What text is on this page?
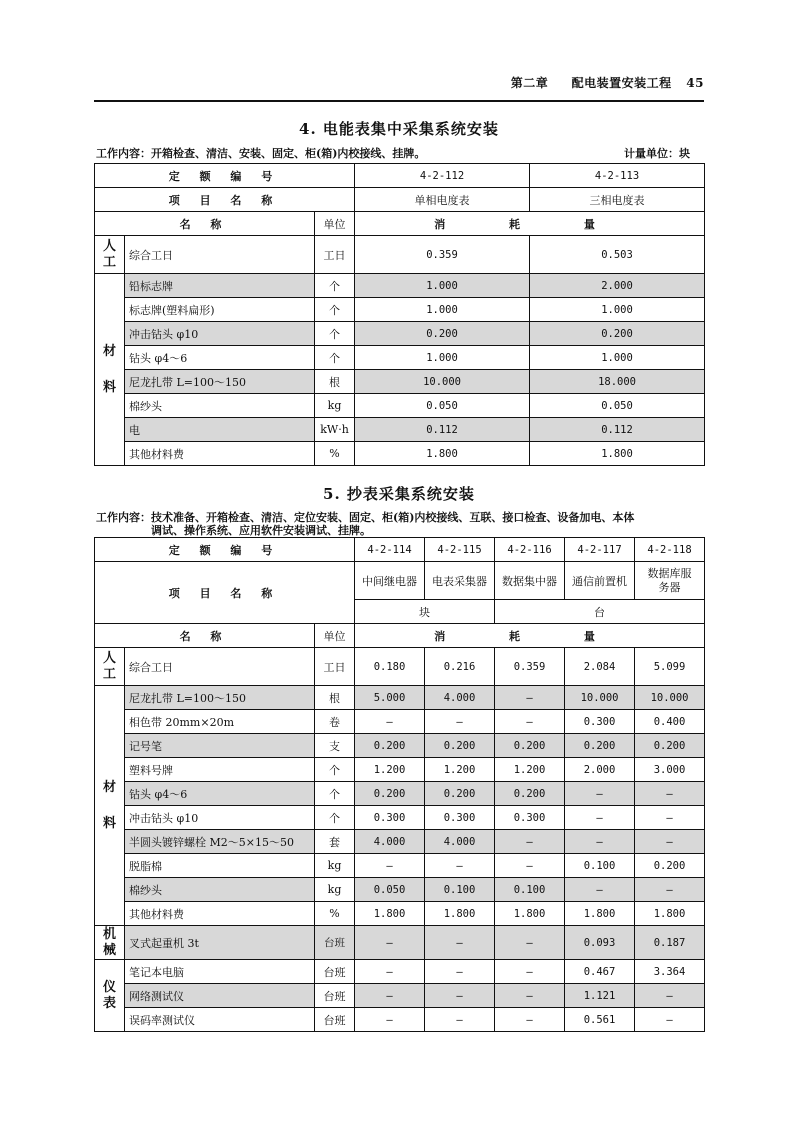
第二章 配电装置安装工程 45
4. 电能表集中采集系统安装
工作内容：开箱检查、清洁、安装、固定、柜(箱)内校接线、挂牌。	计量单位：块
定 额 编 号			4-2-112	4-2-113
项 目 名 称			单相电度表	三相电度表
名 称		单位	消 耗 量	
人工	综合工日	工日	0.359	0.503
材料	铅标志牌	个	1.000	2.000
	标志牌(塑料扁形)	个	1.000	1.000
	冲击钻头 φ10	个	0.200	0.200
	钻头 φ4～6	个	1.000	1.000
	尼龙扎带 L=100～150	根	10.000	18.000
	棉纱头	kg	0.050	0.050
	电	kW·h	0.112	0.112
	其他材料费	%	1.800	1.800
5. 抄表采集系统安装
工作内容：技术准备、开箱检查、清洁、定位安装、固定、柜(箱)内校接线、互联、接口检查、设备加电、本体
调试、操作系统、应用软件安装调试、挂牌。
定 额 编 号			4-2-114	4-2-115	4-2-116	4-2-117	4-2-118
项 目 名 称			中间继电器	电表采集器	数据集中器	通信前置机	数据库服务器
			块		台		
名 称		单位	消 耗 量				
人工	综合工日	工日	0.180	0.216	0.359	2.084	5.099
材料	尼龙扎带 L=100～150	根	5.000	4.000	—	10.000	10.000
	相色带 20mm×20m	卷	—	—	—	0.300	0.400
	记号笔	支	0.200	0.200	0.200	0.200	0.200
	塑料号牌	个	1.200	1.200	1.200	2.000	3.000
	钻头 φ4～6	个	0.200	0.200	0.200	—	—
	冲击钻头 φ10	个	0.300	0.300	0.300	—	—
	半圆头镀锌螺栓 M2～5×15～50	套	4.000	4.000	—	—	—
	脱脂棉	kg	—	—	—	0.100	0.200
	棉纱头	kg	0.050	0.100	0.100	—	—
	其他材料费	%	1.800	1.800	1.800	1.800	1.800
机械	叉式起重机 3t	台班	—	—	—	0.093	0.187
仪表	笔记本电脑	台班	—	—	—	0.467	3.364
	网络测试仪	台班	—	—	—	1.121	—
	误码率测试仪	台班	—	—	—	0.561	—
